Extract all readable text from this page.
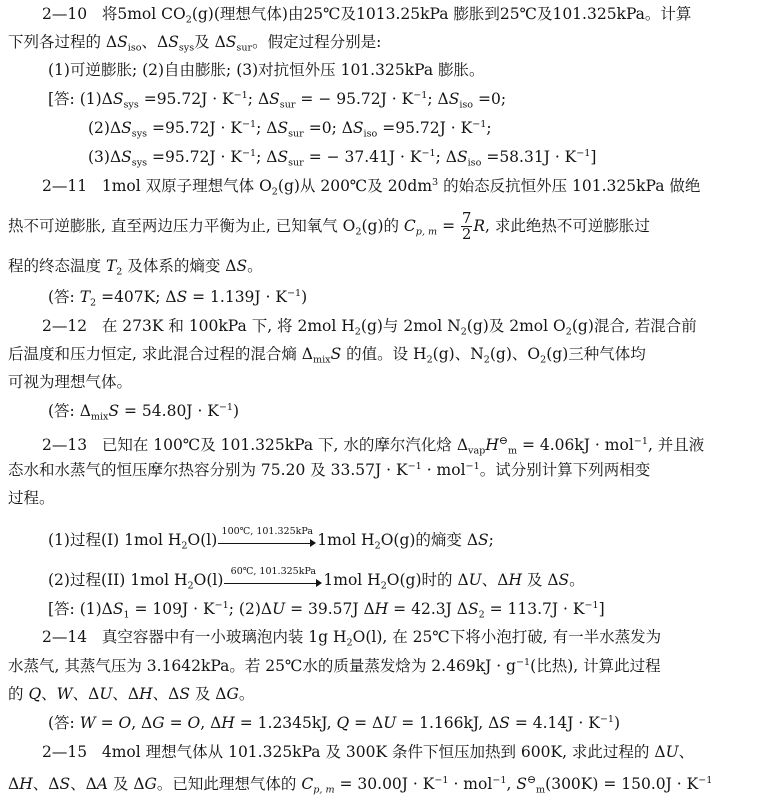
2—10 将5mol $CO_2(g)$(理想气体)由25℃及1013.25kPa 膨胀到25℃及101.325kPa。计算
下列各过程的 $\Delta S_{iso}$、$\Delta S_{sys}$及 $\Delta S_{sur}$。假定过程分别是:
(1)可逆膨胀; (2)自由膨胀; (3)对抗恒外压 101.325kPa 膨胀。
[答: $(1)\Delta S_{sys} =95.72J \cdot K^{-1}$; $\Delta S_{sur}$ = − $95.72J \cdot K^{-1}$; $\Delta S_{iso} =0$;
$(2)\Delta S_{sys} =95.72J \cdot K^{-1}$; $\Delta S_{sur} =0$; $\Delta S_{iso} =95.72J \cdot K^{-1}$;
$(3)\Delta S_{sys} =95.72J \cdot K^{-1}$; $\Delta S_{sur}$ = − $37.41J \cdot K^{-1}$; $\Delta S_{iso} =58.31J \cdot K^{-1}$]
2—11 1mol 双原子理想气体 $O_2(g)$从 200℃及 $20dm^3$ 的始态反抗恒外压 101.325kPa 做绝
热不可逆膨胀, 直至两边压力平衡为止, 已知氧气 $O_2(g)$的 $C_{p, m} = \frac{7}{2} R$, 求此绝热不可逆膨胀过
程的终态温度 $T_2$ 及体系的熵变 ΔS。
(答: $T_2 =407K$; $\Delta S = 1.139J \cdot K^{-1}$)
2—12 在 273K 和 100kPa 下, 将 2mol $H_2(g)$与 2mol $N_2(g)$及 2mol $O_2(g)$混合, 若混合前
后温度和压力恒定, 求此混合过程的混合熵 $\Delta_{mix}S$ 的值。设 $H_2(g)$、$N_2(g)$、$O_2(g)$三种气体均
可视为理想气体。
(答: $\Delta_{mix}S = 54.80J \cdot K^{-1}$)
2—13 已知在 100℃及 101.325kPa 下, 水的摩尔汽化焓 $\Delta_{vap}H^⊖_m = 4.06kJ \cdot mol^{-1}$, 并且液
态水和水蒸气的恒压摩尔热容分别为 75.20 及 $33.57J \cdot K^{-1} \cdot mol^{-1}$。试分别计算下列两相变
过程。
(1)过程(I) 1mol $H_2O(l)$ 100℃, 101.325kPa 1mol $H_2O(g)$的熵变 ΔS;
(2)过程(II) 1mol $H_2O(l)$ 60℃, 101.325kPa 1mol $H_2O(g)$时的 ΔU、ΔH 及 ΔS。
[答: $(1)\Delta S_1 = 109J \cdot K^{-1}$; (2)ΔU = 39.57J ΔH = 42.3J $\Delta S_2 = 113.7J \cdot K^{-1}$]
2—14 真空容器中有一小玻璃泡内装 1g $H_2O(l)$, 在 25℃下将小泡打破, 有一半水蒸发为
水蒸气, 其蒸气压为 3.1642kPa。若 25℃水的质量蒸发焓为 $2.469kJ \cdot g^{-1}$(比热), 计算此过程
的 Q、W、ΔU、ΔH、ΔS 及 ΔG。
(答: W = O, ΔG = O, ΔH = 1.2345kJ, Q = ΔU = 1.166kJ, $\Delta S = 4.14J \cdot K^{-1}$)
2—15 4mol 理想气体从 101.325kPa 及 300K 条件下恒压加热到 600K, 求此过程的 ΔU、
ΔH、ΔS、ΔA 及 ΔG。已知此理想气体的 $C_{p, m} = 30.00J \cdot K^{-1} \cdot mol^{-1}$, $S^⊖_m(300K) = 150.0J \cdot K^{-1}$
